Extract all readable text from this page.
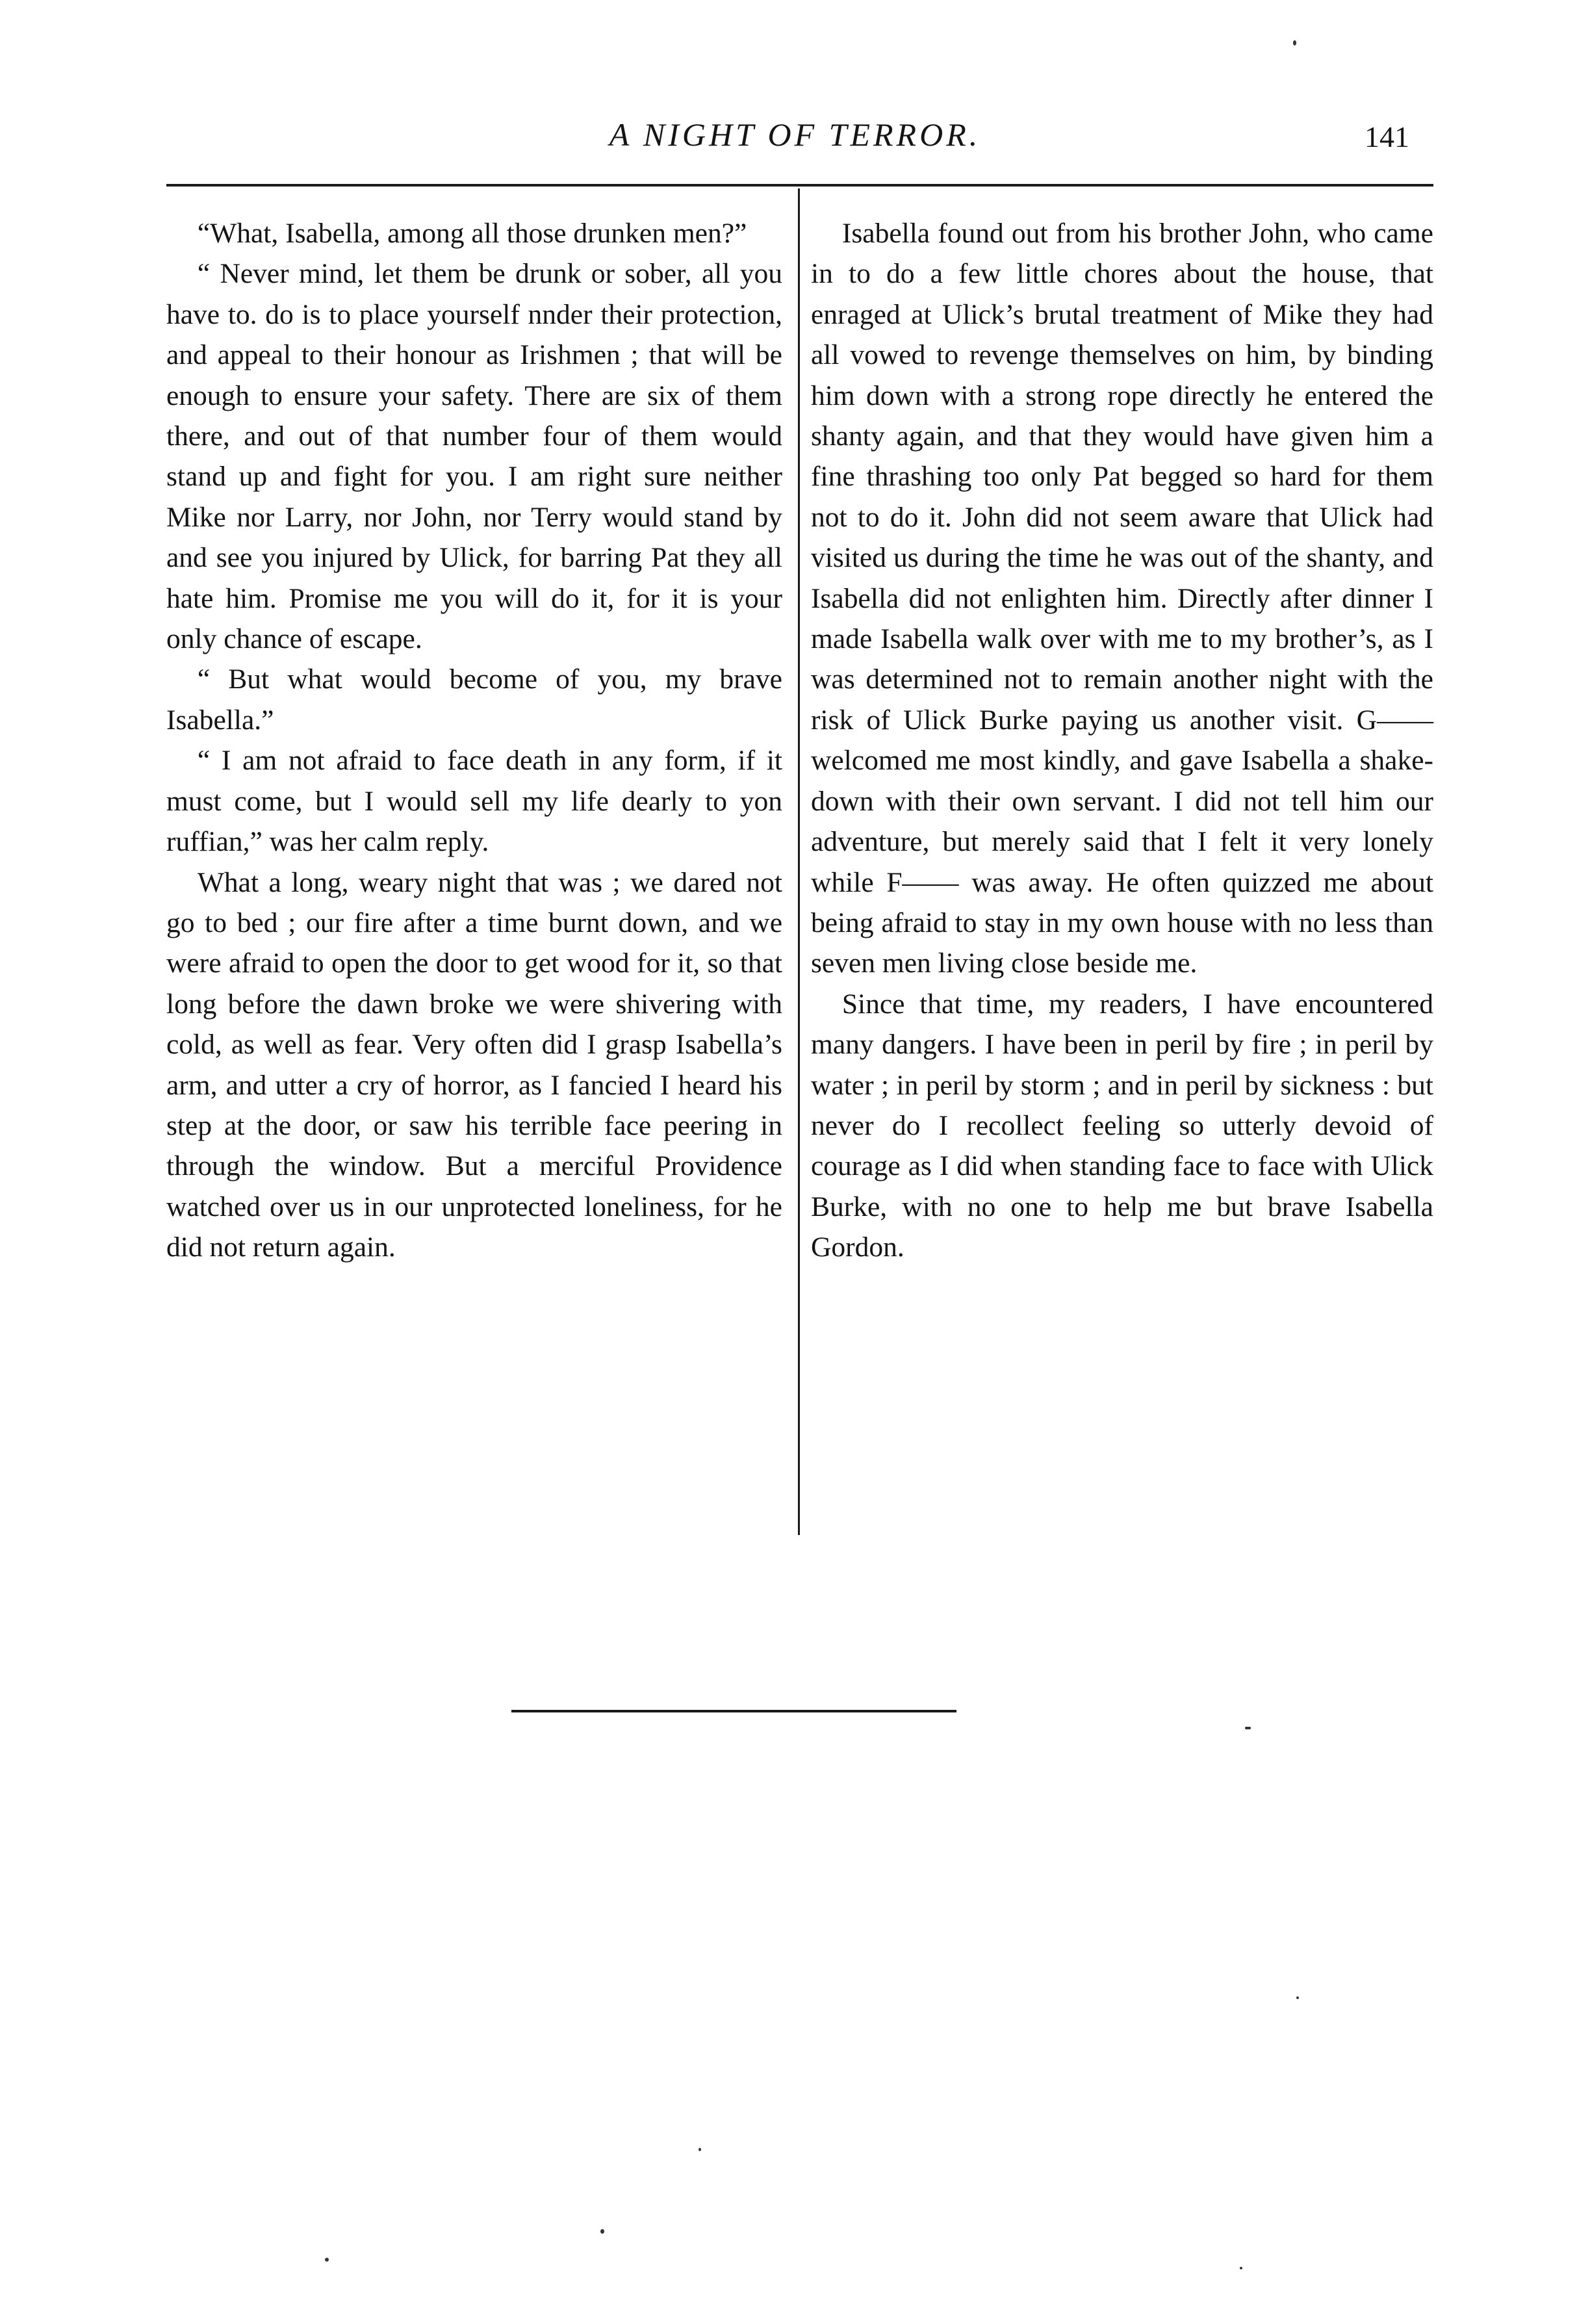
A NIGHT OF TERROR.	141

“What, Isabella, among all those drunken men?”

“ Never mind, let them be drunk or sober, all you have to. do is to place yourself nnder their protection, and appeal to their honour as Irishmen ; that will be enough to ensure your safety. There are six of them there, and out of that number four of them would stand up and fight for you. I am right sure neither Mike nor Larry, nor John, nor Terry would stand by and see you injured by Ulick, for barring Pat they all hate him. Promise me you will do it, for it is your only chance of escape.

“ But what would become of you, my brave Isabella.”

“ I am not afraid to face death in any form, if it must come, but I would sell my life dearly to yon ruffian,” was her calm reply.

What a long, weary night that was ; we dared not go to bed ; our fire after a time burnt down, and we were afraid to open the door to get wood for it, so that long before the dawn broke we were shivering with cold, as well as fear. Very often did I grasp Isabella’s arm, and utter a cry of horror, as I fancied I heard his step at the door, or saw his terrible face peering in through the window. But a merciful Providence watched over us in our unprotected loneliness, for he did not return again.

Isabella found out from his brother John, who came in to do a few little chores about the house, that enraged at Ulick’s brutal treatment of Mike they had all vowed to revenge themselves on him, by binding him down with a strong rope directly he entered the shanty again, and that they would have given him a fine thrashing too only Pat begged so hard for them not to do it. John did not seem aware that Ulick had visited us during the time he was out of the shanty, and Isabella did not enlighten him. Directly after dinner I made Isabella walk over with me to my brother’s, as I was determined not to remain another night with the risk of Ulick Burke paying us another visit. G—— welcomed me most kindly, and gave Isabella a shake-down with their own servant. I did not tell him our adventure, but merely said that I felt it very lonely while F—— was away. He often quizzed me about being afraid to stay in my own house with no less than seven men living close beside me.

Since that time, my readers, I have encountered many dangers. I have been in peril by fire ; in peril by water ; in peril by storm ; and in peril by sickness : but never do I recollect feeling so utterly devoid of courage as I did when standing face to face with Ulick Burke, with no one to help me but brave Isabella Gordon.
